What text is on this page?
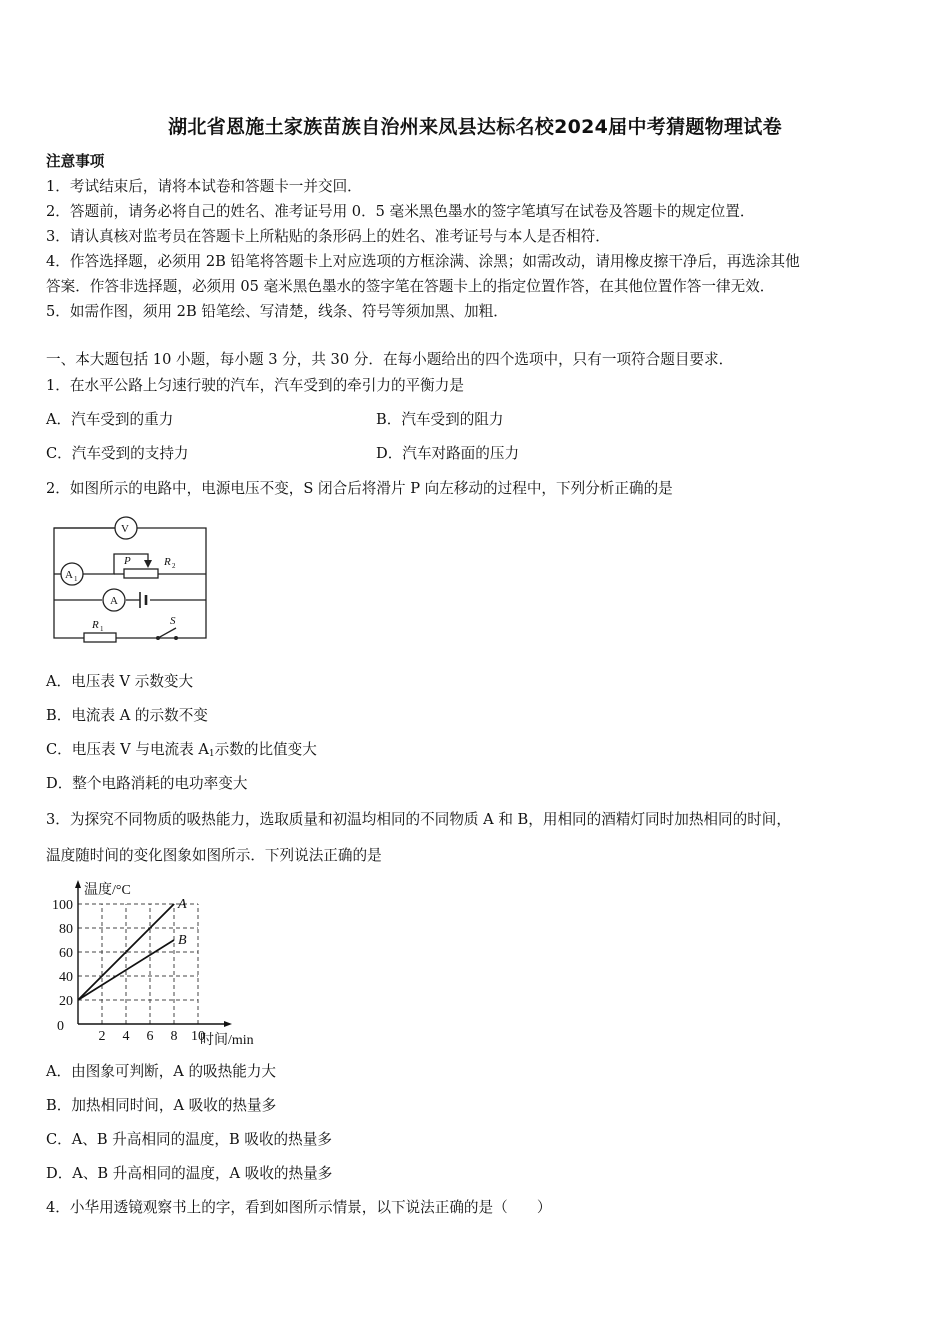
湖北省恩施土家族苗族自治州来凤县达标名校2024届中考猜题物理试卷
注意事项
1．考试结束后，请将本试卷和答题卡一并交回．
2．答题前，请务必将自己的姓名、准考证号用 0．5 毫米黑色墨水的签字笔填写在试卷及答题卡的规定位置．
3．请认真核对监考员在答题卡上所粘贴的条形码上的姓名、准考证号与本人是否相符．
4．作答选择题，必须用 2B 铅笔将答题卡上对应选项的方框涂满、涂黑；如需改动，请用橡皮擦干净后，再选涂其他
答案．作答非选择题，必须用 05 毫米黑色墨水的签字笔在答题卡上的指定位置作答，在其他位置作答一律无效．
5．如需作图，须用 2B 铅笔绘、写清楚，线条、符号等须加黑、加粗．
一、本大题包括 10 小题，每小题 3 分，共 30 分．在每小题给出的四个选项中，只有一项符合题目要求．
1．在水平公路上匀速行驶的汽车，汽车受到的牵引力的平衡力是
A．汽车受到的重力	B．汽车受到的阻力
C．汽车受到的支持力	D．汽车对路面的压力
2．如图所示的电路中，电源电压不变，S 闭合后将滑片 P 向左移动的过程中，下列分析正确的是
V
A 1
A
P	R 2
R 1
S
A．电压表 V 示数变大
B．电流表 A 的示数不变
C．电压表 V 与电流表 $A_1$示数的比值变大
D．整个电路消耗的电功率变大
3．为探究不同物质的吸热能力，选取质量和初温均相同的不同物质 A 和 B，用相同的酒精灯同时加热相同的时间，
温度随时间的变化图象如图所示．下列说法正确的是
2 4 6 8 10
20
40
60
80
100
0
温度/°C
时间/min
A
B
A．由图象可判断，A 的吸热能力大
B．加热相同时间，A 吸收的热量多
C．A、B 升高相同的温度，B 吸收的热量多
D．A、B 升高相同的温度，A 吸收的热量多
4．小华用透镜观察书上的字，看到如图所示情景，以下说法正确的是（　　）
